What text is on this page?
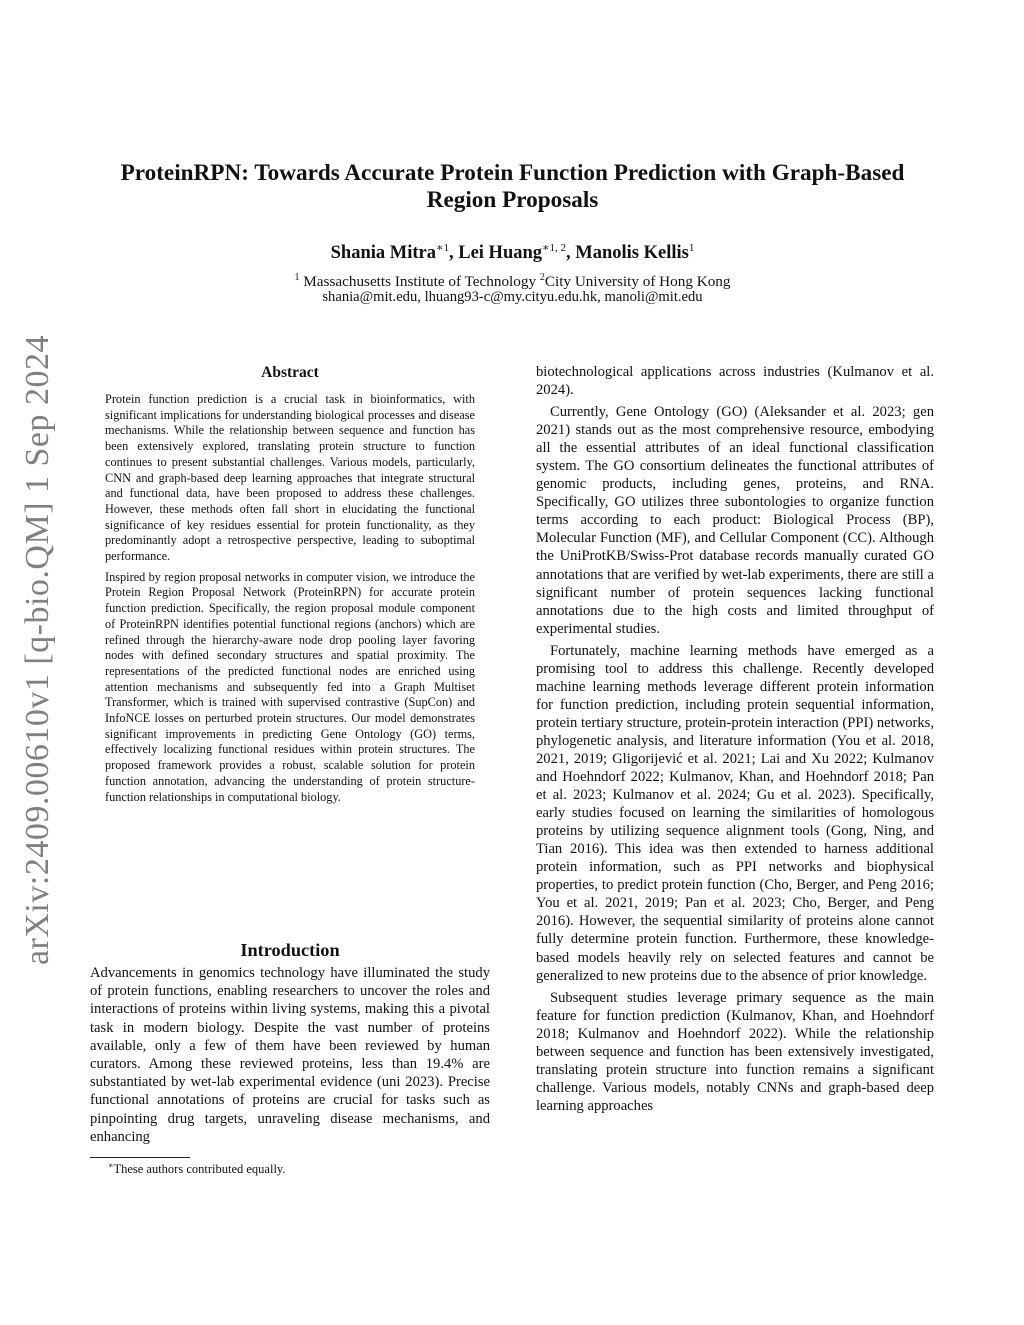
arXiv:2409.00610v1 [q-bio.QM] 1 Sep 2024
ProteinRPN: Towards Accurate Protein Function Prediction with Graph-Based
Region Proposals
Shania Mitra$^{∗1}$, Lei Huang$^{∗1, 2}$, Manolis Kellis$^1$
$^1$ Massachusetts Institute of Technology $^2$City University of Hong Kong
shania@mit.edu, lhuang93-c@my.cityu.edu.hk, manoli@mit.edu
Abstract

Protein function prediction is a crucial task in bioinformatics, with significant implications for understanding biological processes and disease mechanisms. While the relationship between sequence and function has been extensively explored, translating protein structure to function continues to present substantial challenges. Various models, particularly, CNN and graph-based deep learning approaches that integrate structural and functional data, have been proposed to address these challenges. However, these methods often fall short in elucidating the functional significance of key residues essential for protein functionality, as they predominantly adopt a retrospective perspective, leading to suboptimal performance.

Inspired by region proposal networks in computer vision, we introduce the Protein Region Proposal Network (ProteinRPN) for accurate protein function prediction. Specifically, the region proposal module component of ProteinRPN identifies potential functional regions (anchors) which are refined through the hierarchy-aware node drop pooling layer favoring nodes with defined secondary structures and spatial proximity. The representations of the predicted functional nodes are enriched using attention mechanisms and subsequently fed into a Graph Multiset Transformer, which is trained with supervised contrastive (SupCon) and InfoNCE losses on perturbed protein structures. Our model demonstrates significant improvements in predicting Gene Ontology (GO) terms, effectively localizing functional residues within protein structures. The proposed framework provides a robust, scalable solution for protein function annotation, advancing the understanding of protein structure-function relationships in computational biology.

Introduction

Advancements in genomics technology have illuminated the study of protein functions, enabling researchers to uncover the roles and interactions of proteins within living systems, making this a pivotal task in modern biology. Despite the vast number of proteins available, only a few of them have been reviewed by human curators. Among these reviewed proteins, less than 19.4% are substantiated by wet-lab experimental evidence (uni 2023). Precise functional annotations of proteins are crucial for tasks such as pinpointing drug targets, unraveling disease mechanisms, and enhancing

∗These authors contributed equally.

biotechnological applications across industries (Kulmanov et al. 2024).

Currently, Gene Ontology (GO) (Aleksander et al. 2023; gen 2021) stands out as the most comprehensive resource, embodying all the essential attributes of an ideal functional classification system. The GO consortium delineates the functional attributes of genomic products, including genes, proteins, and RNA. Specifically, GO utilizes three subontologies to organize function terms according to each product: Biological Process (BP), Molecular Function (MF), and Cellular Component (CC). Although the UniProtKB/Swiss-Prot database records manually curated GO annotations that are verified by wet-lab experiments, there are still a significant number of protein sequences lacking functional annotations due to the high costs and limited throughput of experimental studies.

Fortunately, machine learning methods have emerged as a promising tool to address this challenge. Recently developed machine learning methods leverage different protein information for function prediction, including protein sequential information, protein tertiary structure, protein-protein interaction (PPI) networks, phylogenetic analysis, and literature information (You et al. 2018, 2021, 2019; Gligorijević et al. 2021; Lai and Xu 2022; Kulmanov and Hoehndorf 2022; Kulmanov, Khan, and Hoehndorf 2018; Pan et al. 2023; Kulmanov et al. 2024; Gu et al. 2023). Specifically, early studies focused on learning the similarities of homologous proteins by utilizing sequence alignment tools (Gong, Ning, and Tian 2016). This idea was then extended to harness additional protein information, such as PPI networks and biophysical properties, to predict protein function (Cho, Berger, and Peng 2016; You et al. 2021, 2019; Pan et al. 2023; Cho, Berger, and Peng 2016). However, the sequential similarity of proteins alone cannot fully determine protein function. Furthermore, these knowledge-based models heavily rely on selected features and cannot be generalized to new proteins due to the absence of prior knowledge.

Subsequent studies leverage primary sequence as the main feature for function prediction (Kulmanov, Khan, and Hoehndorf 2018; Kulmanov and Hoehndorf 2022). While the relationship between sequence and function has been extensively investigated, translating protein structure into function remains a significant challenge. Various models, notably CNNs and graph-based deep learning approaches
